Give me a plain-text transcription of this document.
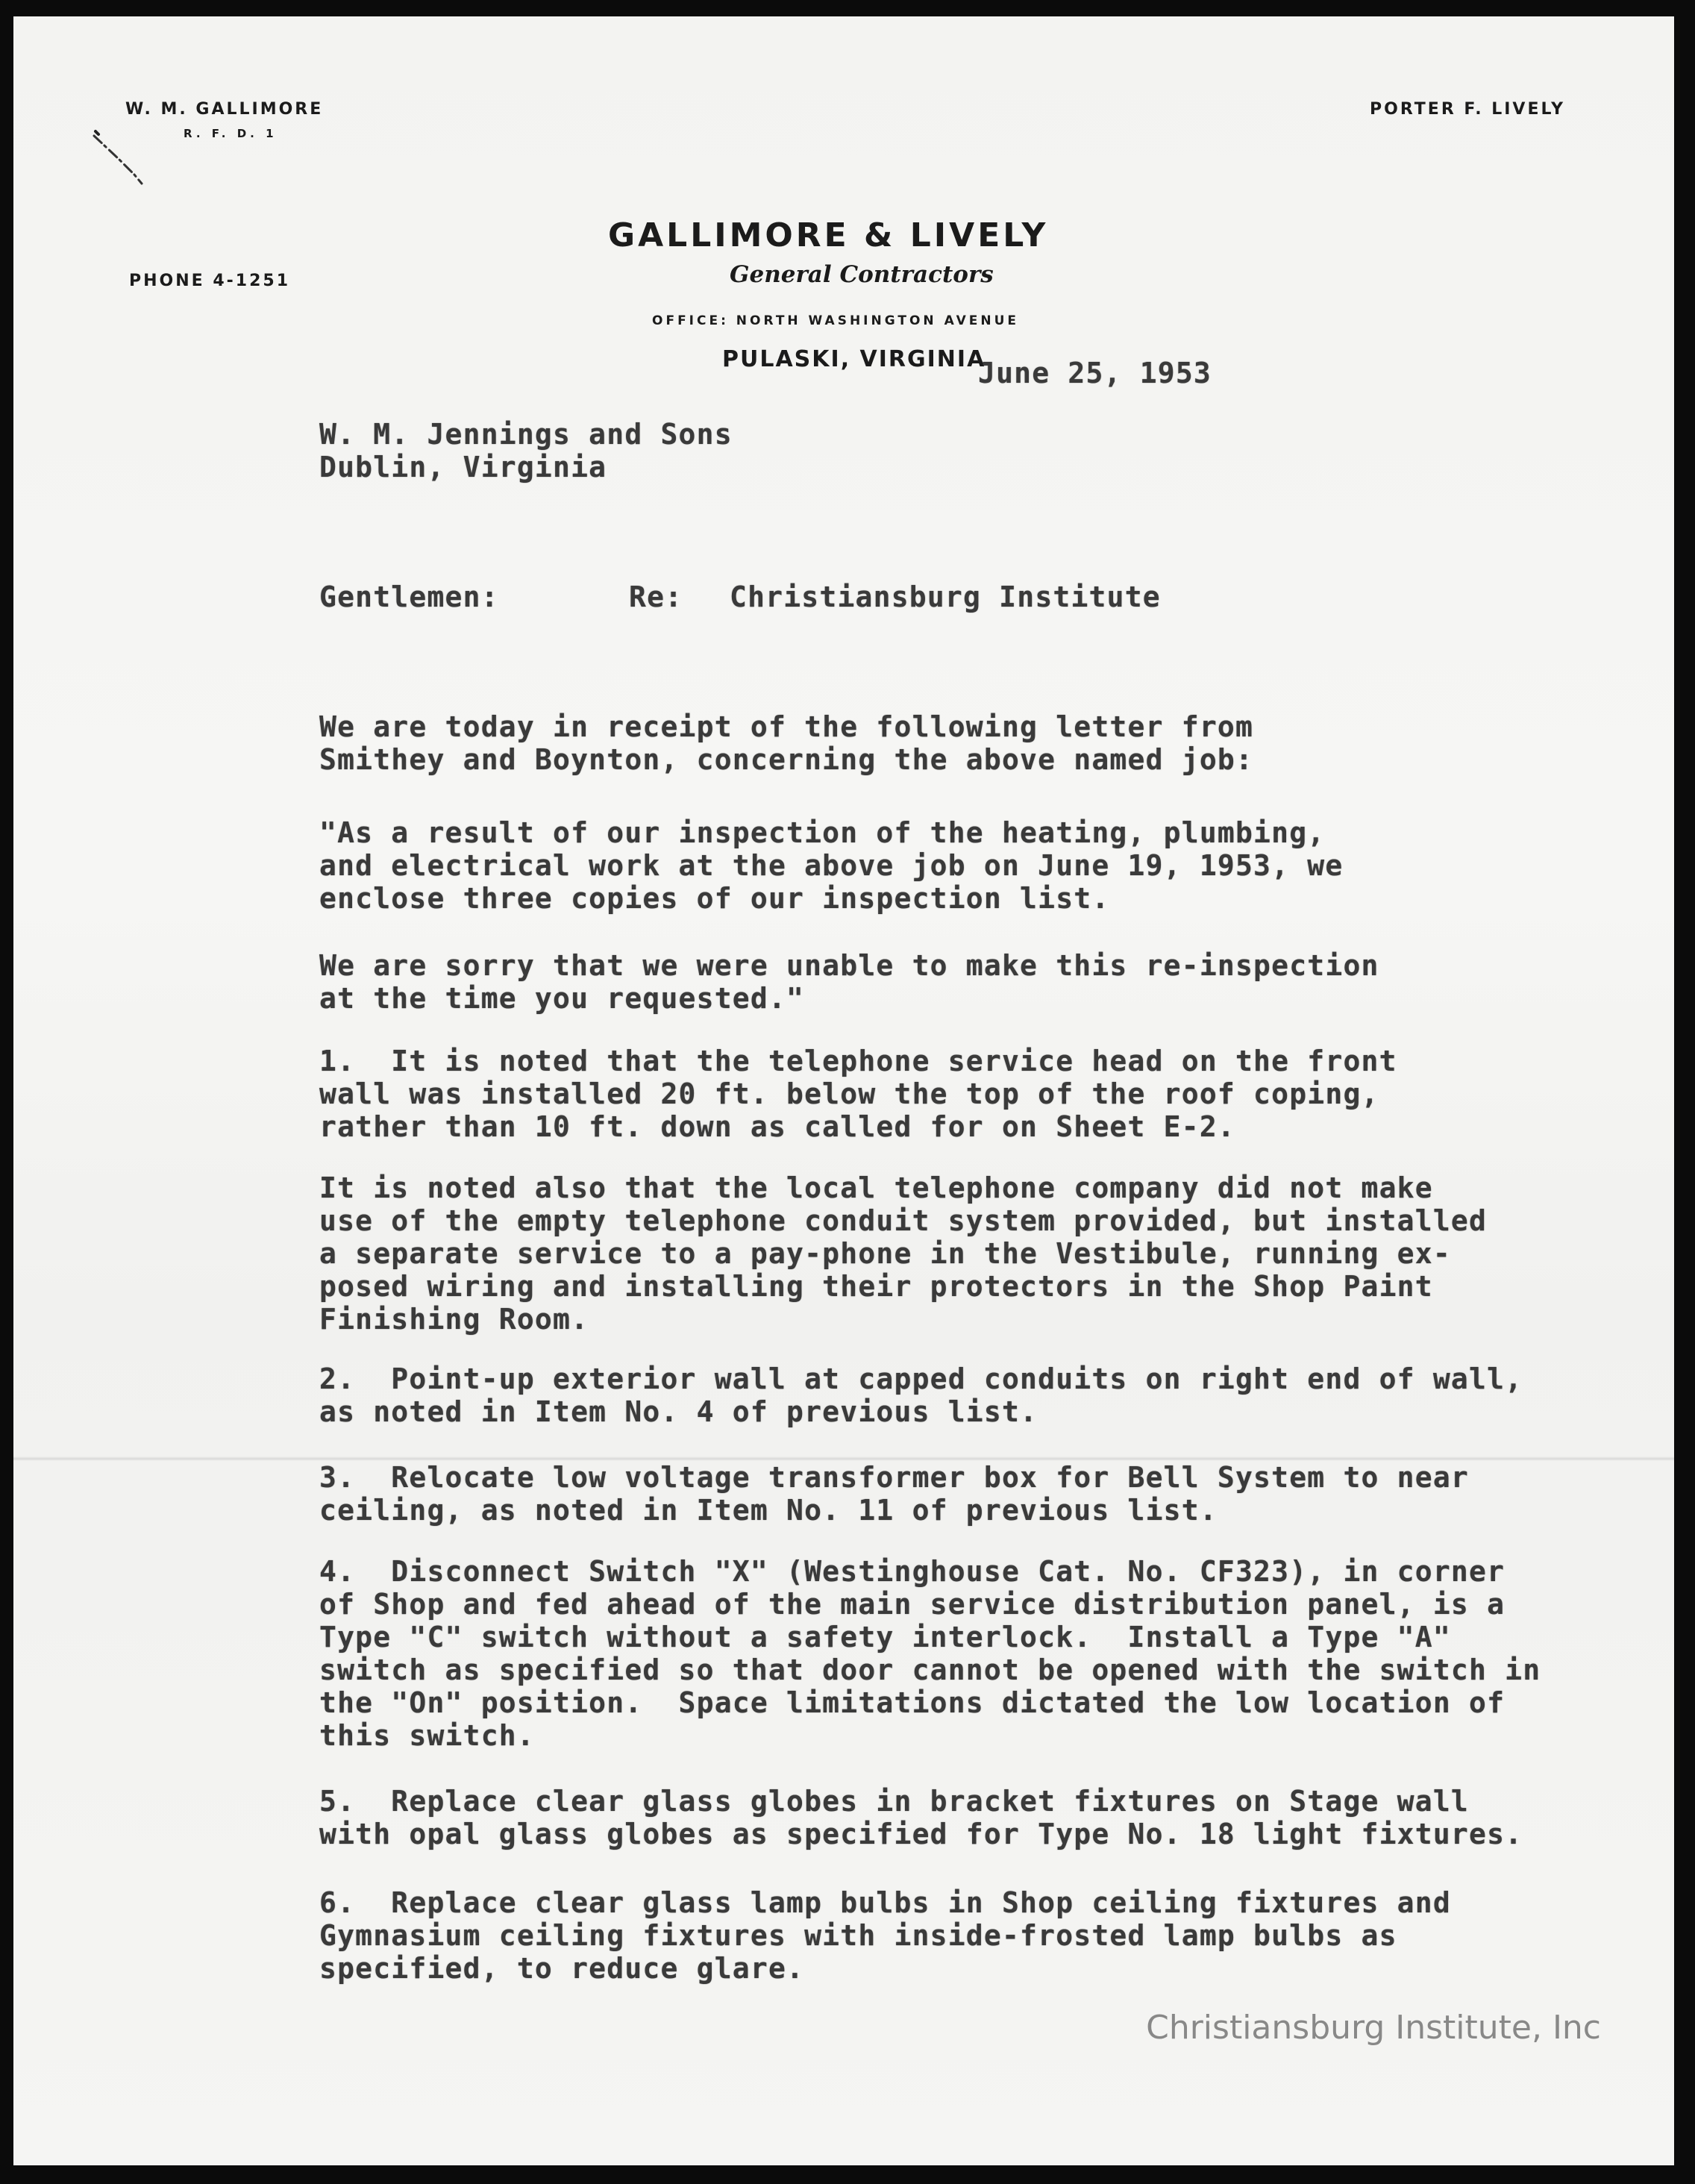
W. M. GALLIMORE
R. F. D. 1
PORTER F. LIVELY
GALLIMORE & LIVELY
General Contractors
PHONE 4-1251
OFFICE: NORTH WASHINGTON AVENUE
PULASKI, VIRGINIA
June 25, 1953
W. M. Jennings and Sons
Dublin, Virginia
Gentlemen:	Re: Christiansburg Institute
We are today in receipt of the following letter from
Smithey and Boynton, concerning the above named job:
"As a result of our inspection of the heating, plumbing,
and electrical work at the above job on June 19, 1953, we
enclose three copies of our inspection list.
We are sorry that we were unable to make this re-inspection
at the time you requested."
1.  It is noted that the telephone service head on the front
wall was installed 20 ft. below the top of the roof coping,
rather than 10 ft. down as called for on Sheet E-2.
It is noted also that the local telephone company did not make
use of the empty telephone conduit system provided, but installed
a separate service to a pay-phone in the Vestibule, running ex-
posed wiring and installing their protectors in the Shop Paint
Finishing Room.
2.  Point-up exterior wall at capped conduits on right end of wall,
as noted in Item No. 4 of previous list.
3.  Relocate low voltage transformer box for Bell System to near
ceiling, as noted in Item No. 11 of previous list.
4.  Disconnect Switch "X" (Westinghouse Cat. No. CF323), in corner
of Shop and fed ahead of the main service distribution panel, is a
Type "C" switch without a safety interlock.  Install a Type "A"
switch as specified so that door cannot be opened with the switch in
the "On" position.  Space limitations dictated the low location of
this switch.
5.  Replace clear glass globes in bracket fixtures on Stage wall
with opal glass globes as specified for Type No. 18 light fixtures.
6.  Replace clear glass lamp bulbs in Shop ceiling fixtures and
Gymnasium ceiling fixtures with inside-frosted lamp bulbs as
specified, to reduce glare.
Christiansburg Institute, Inc
